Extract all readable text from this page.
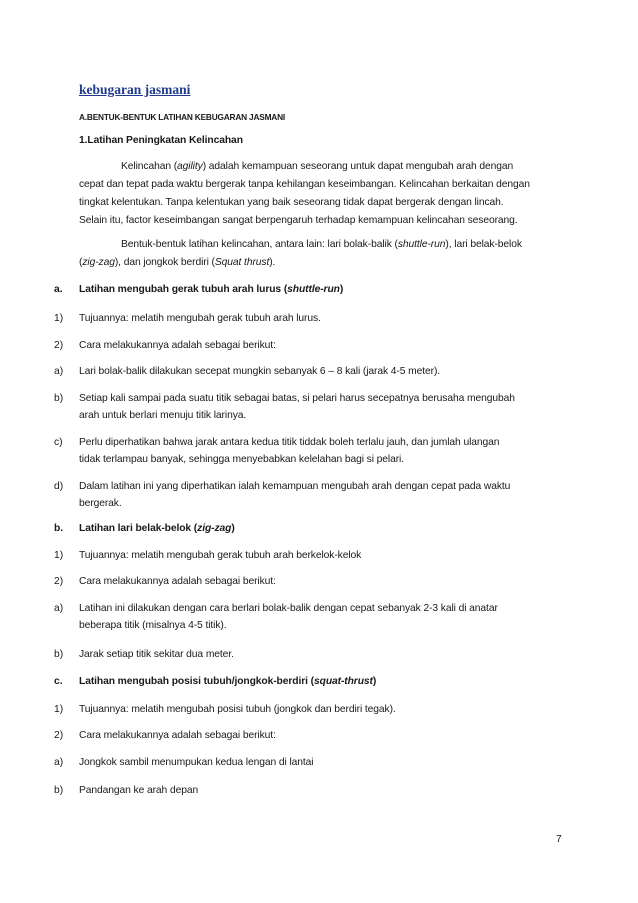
kebugaran jasmani
A.BENTUK-BENTUK LATIHAN KEBUGARAN JASMANI
1.Latihan Peningkatan Kelincahan
Kelincahan (agility) adalah kemampuan seseorang untuk dapat mengubah arah dengan
cepat dan tepat pada waktu bergerak tanpa kehilangan keseimbangan. Kelincahan berkaitan dengan
tingkat kelentukan. Tanpa kelentukan yang baik seseorang tidak dapat bergerak dengan lincah.
Selain itu, factor keseimbangan sangat berpengaruh terhadap kemampuan kelincahan seseorang.
Bentuk-bentuk latihan kelincahan, antara lain: lari bolak-balik (shuttle-run), lari belak-belok
(zig-zag), dan jongkok berdiri (Squat thrust).
a. Latihan mengubah gerak tubuh arah lurus (shuttle-run)
1) Tujuannya: melatih mengubah gerak tubuh arah lurus.
2) Cara melakukannya adalah sebagai berikut:
a) Lari bolak-balik dilakukan secepat mungkin sebanyak 6 – 8 kali (jarak 4-5 meter).
b) Setiap kali sampai pada suatu titik sebagai batas, si pelari harus secepatnya berusaha mengubah
arah untuk berlari menuju titik larinya.
c) Perlu diperhatikan bahwa jarak antara kedua titik tiddak boleh terlalu jauh, dan jumlah ulangan
tidak terlampau banyak, sehingga menyebabkan kelelahan bagi si pelari.
d) Dalam latihan ini yang diperhatikan ialah kemampuan mengubah arah dengan cepat pada waktu
bergerak.
b. Latihan lari belak-belok (zig-zag)
1) Tujuannya: melatih mengubah gerak tubuh arah berkelok-kelok
2) Cara melakukannya adalah sebagai berikut:
a) Latihan ini dilakukan dengan cara berlari bolak-balik dengan cepat sebanyak 2-3 kali di anatar
beberapa titik (misalnya 4-5 titik).
b) Jarak setiap titik sekitar dua meter.
c. Latihan mengubah posisi tubuh/jongkok-berdiri (squat-thrust)
1) Tujuannya: melatih mengubah posisi tubuh (jongkok dan berdiri tegak).
2) Cara melakukannya adalah sebagai berikut:
a) Jongkok sambil menumpukan kedua lengan di lantai
b) Pandangan ke arah depan
7
